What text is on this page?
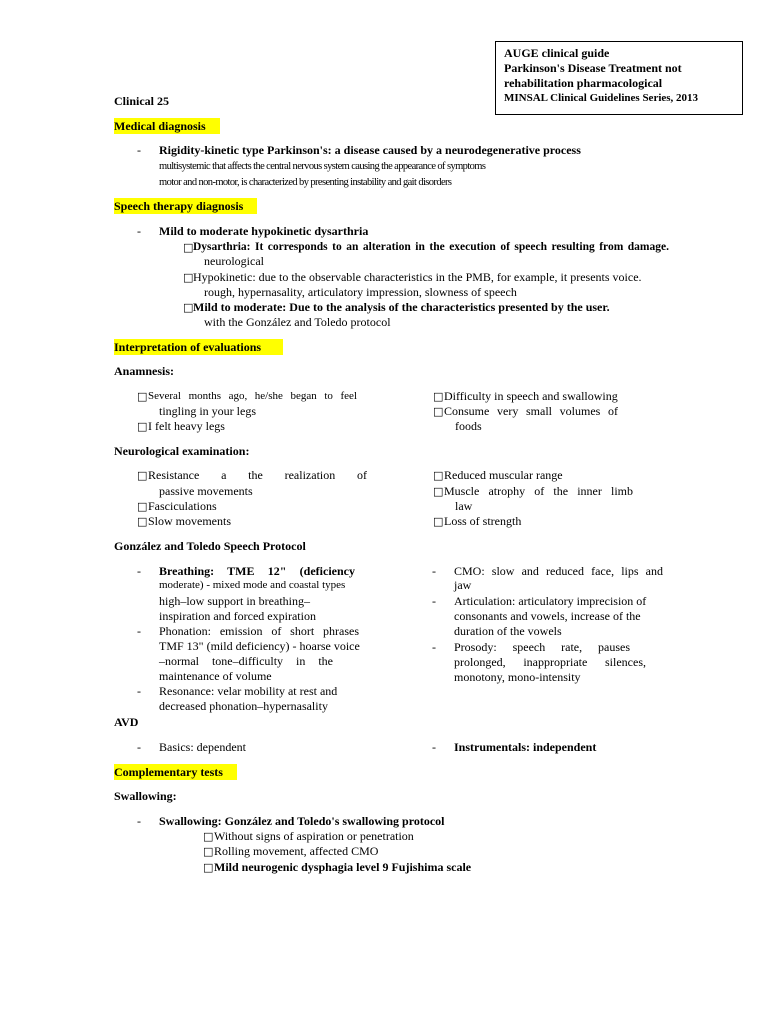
AUGE clinical guide
Parkinson's Disease Treatment not
rehabilitation pharmacological
MINSAL Clinical Guidelines Series, 2013
Clinical 25
Medical diagnosis
- Rigidity-kinetic type Parkinson's: a disease caused by a neurodegenerative process
multisystemic that affects the central nervous system causing the appearance of symptoms
motor and non-motor, is characterized by presenting instability and gait disorders
Speech therapy diagnosis
- Mild to moderate hypokinetic dysarthria
□ Dysarthria: It corresponds to an alteration in the execution of speech resulting from damage.
neurological
□ Hypokinetic: due to the observable characteristics in the PMB, for example, it presents voice.
rough, hypernasality, articulatory impression, slowness of speech
□ Mild to moderate: Due to the analysis of the characteristics presented by the user.
with the González and Toledo protocol
Interpretation of evaluations
Anamnesis:
□ Several months ago, he/she began to feel
tingling in your legs
□ I felt heavy legs
□ Difficulty in speech and swallowing
□ Consume very small volumes of
foods
Neurological examination:
□ Resistance a the realization of
passive movements
□ Fasciculations
□ Slow movements
□ Reduced muscular range
□ Muscle atrophy of the inner limb
law
□ Loss of strength
González and Toledo Speech Protocol
- Breathing: TME 12" (deficiency
moderate) - mixed mode and coastal types
high–low support in breathing–
inspiration and forced expiration
- Phonation: emission of short phrases
TMF 13" (mild deficiency) - hoarse voice
–normal tone–difficulty in the
maintenance of volume
- Resonance: velar mobility at rest and
decreased phonation–hypernasality
- CMO: slow and reduced face, lips and
jaw
- Articulation: articulatory imprecision of
consonants and vowels, increase of the
duration of the vowels
- Prosody: speech rate, pauses
prolonged, inappropriate silences,
monotony, mono-intensity
AVD
- Basics: dependent	- Instrumentals: independent
Complementary tests
Swallowing:
- Swallowing: González and Toledo's swallowing protocol
□ Without signs of aspiration or penetration
□ Rolling movement, affected CMO
□ Mild neurogenic dysphagia level 9 Fujishima scale
